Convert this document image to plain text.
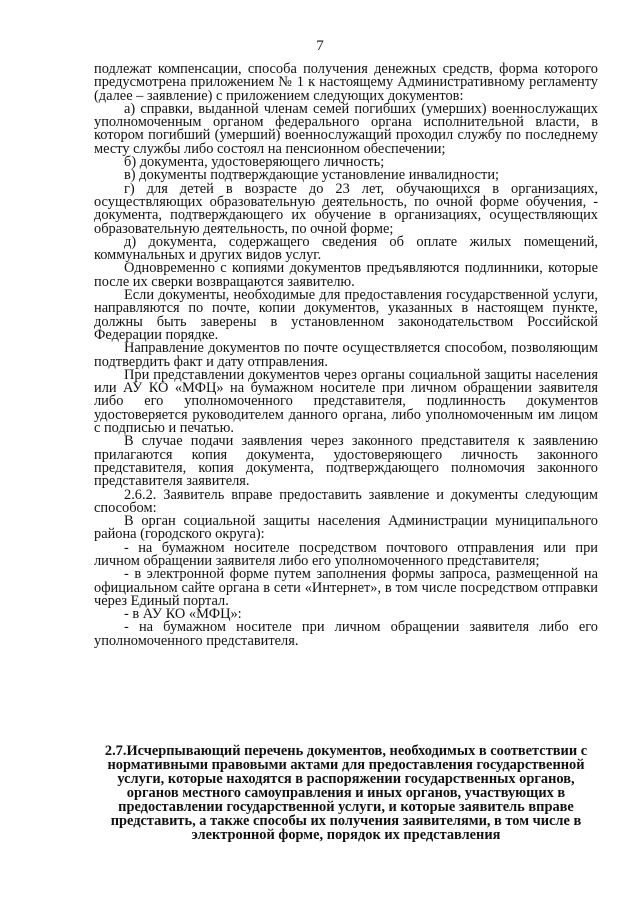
7

подлежат компенсации, способа получения денежных средств, форма которого предусмотрена приложением № 1 к настоящему Административному регламенту (далее – заявление) с приложением следующих документов:

а) справки, выданной членам семей погибших (умерших) военнослужащих уполномоченным органом федерального органа исполнительной власти, в котором погибший (умерший) военнослужащий проходил службу по последнему месту службы либо состоял на пенсионном обеспечении;

б) документа, удостоверяющего личность;

в) документы подтверждающие установление инвалидности;

г) для детей в возрасте до 23 лет, обучающихся в организациях, осуществляющих образовательную деятельность, по очной форме обучения, - документа, подтверждающего их обучение в организациях, осуществляющих образовательную деятельность, по очной форме;

д) документа, содержащего сведения об оплате жилых помещений, коммунальных и других видов услуг.

Одновременно с копиями документов предъявляются подлинники, которые после их сверки возвращаются заявителю.

Если документы, необходимые для предоставления государственной услуги, направляются по почте, копии документов, указанных в настоящем пункте, должны быть заверены в установленном законодательством Российской Федерации порядке.

Направление документов по почте осуществляется способом, позволяющим подтвердить факт и дату отправления.

При представлении документов через органы социальной защиты населения или АУ КО «МФЦ» на бумажном носителе при личном обращении заявителя либо его уполномоченного представителя, подлинность документов удостоверяется руководителем данного органа, либо уполномоченным им лицом с подписью и печатью.

В случае подачи заявления через законного представителя к заявлению прилагаются копия документа, удостоверяющего личность законного представителя, копия документа, подтверждающего полномочия законного представителя заявителя.

2.6.2. Заявитель вправе предоставить заявление и документы следующим способом:

В орган социальной защиты населения Администрации муниципального района (городского округа):

- на бумажном носителе посредством почтового отправления или при личном обращении заявителя либо его уполномоченного представителя;

- в электронной форме путем заполнения формы запроса, размещенной на официальном сайте органа в сети «Интернет», в том числе посредством отправки через Единый портал.

- в АУ КО «МФЦ»:

- на бумажном носителе при личном обращении заявителя либо его уполномоченного представителя.

2.7.Исчерпывающий перечень документов, необходимых в соответствии с нормативными правовыми актами для предоставления государственной услуги, которые находятся в распоряжении государственных органов, органов местного самоуправления и иных органов, участвующих в предоставлении государственной услуги, и которые заявитель вправе представить, а также способы их получения заявителями, в том числе в электронной форме, порядок их представления
